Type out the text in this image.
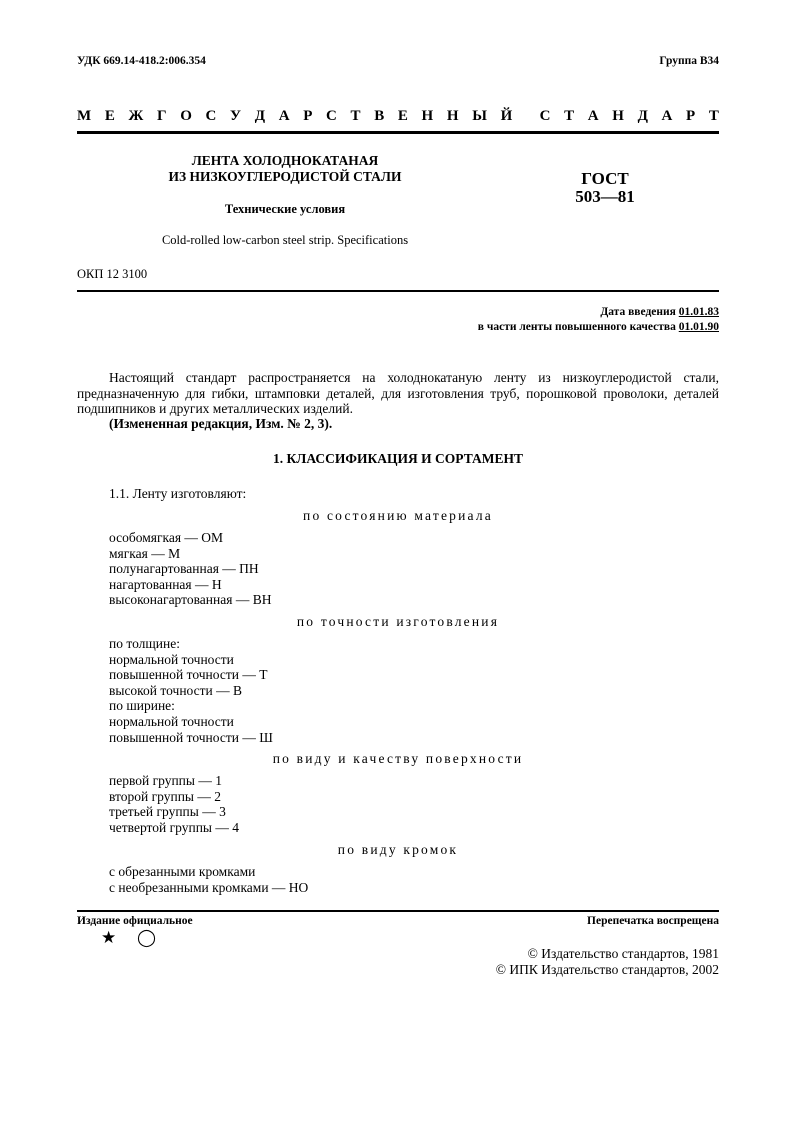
УДК 669.14-418.2:006.354	Группа В34
М Е Ж Г О С У Д А Р С Т В Е Н Н Ы Й С Т А Н Д А Р Т
ЛЕНТА ХОЛОДНОКАТАНАЯ
ИЗ НИЗКОУГЛЕРОДИСТОЙ СТАЛИ
Технические условия
Cold-rolled low-carbon steel strip. Specifications
ГОСТ
503—81
ОКП 12 3100
Дата введения 01.01.83
в части ленты повышенного качества 01.01.90
Настоящий стандарт распространяется на холоднокатаную ленту из низкоуглеродистой стали, предназначенную для гибки, штамповки деталей, для изготовления труб, порошковой проволоки, деталей подшипников и других металлических изделий.
(Измененная редакция, Изм. № 2, 3).
1. КЛАССИФИКАЦИЯ И СОРТАМЕНТ
1.1. Ленту изготовляют:
по состоянию материала
особомягкая — ОМ
мягкая — М
полунагартованная — ПН
нагартованная — Н
высоконагартованная — ВН
по точности изготовления
по толщине:
нормальной точности
повышенной точности — Т
высокой точности — В
по ширине:
нормальной точности
повышенной точности — Ш
по виду и качеству поверхности
первой группы — 1
второй группы — 2
третьей группы — 3
четвертой группы — 4
по виду кромок
с обрезанными кромками
с необрезанными кромками — НО
Издание официальное	Перепечатка воспрещена
★ ◯
© Издательство стандартов, 1981
© ИПК Издательство стандартов, 2002
